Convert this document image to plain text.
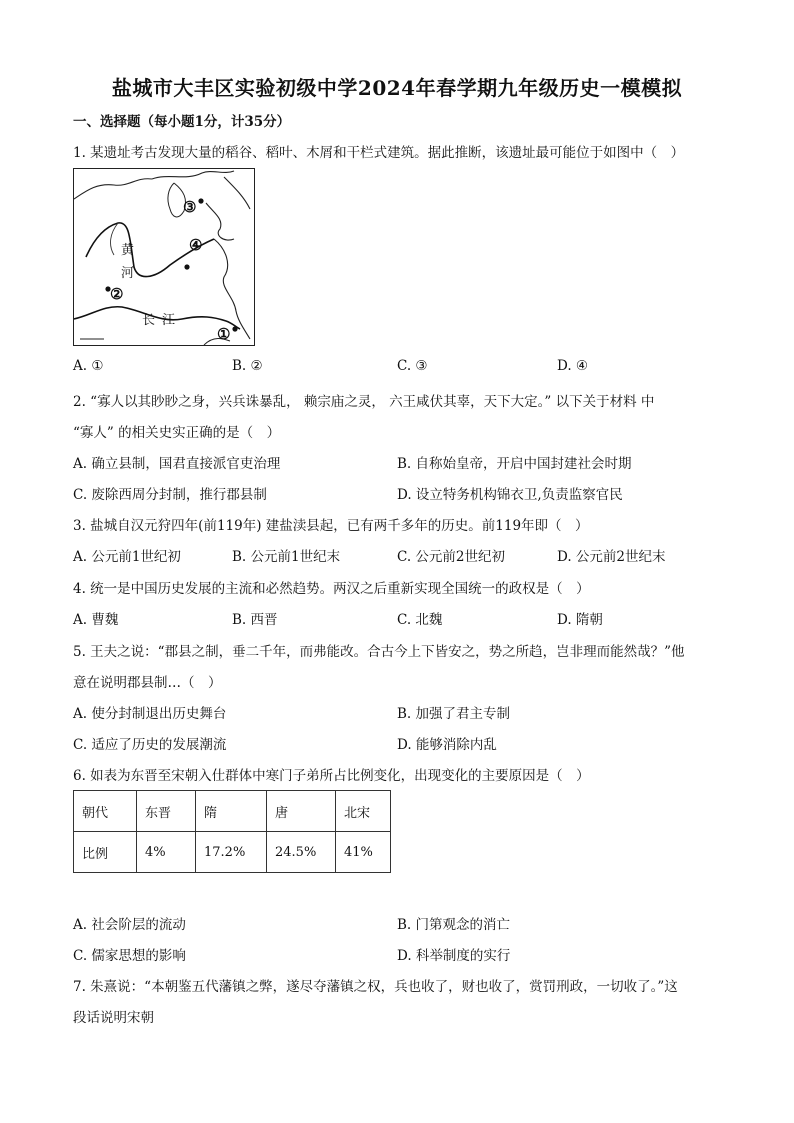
盐城市大丰区实验初级中学2024年春学期九年级历史一模模拟
一、选择题（每小题1分，计35分）
1. 某遗址考古发现大量的稻谷、稻叶、木屑和干栏式建筑。据此推断，该遗址最可能位于如图中（　）
黄
河
长 江
③
④
②
①
A. ①	B. ②	C. ③	D. ④
2. “寡人以其眇眇之身，兴兵诛暴乱， 赖宗庙之灵， 六王咸伏其辜，天下大定。” 以下关于材料 中
“寡人” 的相关史实正确的是（　）
A. 确立县制，国君直接派官吏治理	B. 自称始皇帝，开启中国封建社会时期
C. 废除西周分封制，推行郡县制	D. 设立特务机构锦衣卫,负责监察官民
3. 盐城自汉元狩四年(前119年) 建盐渎县起，已有两千多年的历史。前119年即（　）
A. 公元前1世纪初	B. 公元前1世纪末	C. 公元前2世纪初	D. 公元前2世纪末
4. 统一是中国历史发展的主流和必然趋势。两汉之后重新实现全国统一的政权是（　）
A. 曹魏	B. 西晋	C. 北魏	D. 隋朝
5. 王夫之说：“郡县之制，垂二千年，而弗能改。合古今上下皆安之，势之所趋，岂非理而能然哉？”他
意在说明郡县制…（　）
A. 使分封制退出历史舞台	B. 加强了君主专制
C. 适应了历史的发展潮流	D. 能够消除内乱
6. 如表为东晋至宋朝入仕群体中寒门子弟所占比例变化，出现变化的主要原因是（　）
朝代	东晋	隋	唐	北宋
比例	4%	17.2%	24.5%	41%
A. 社会阶层的流动	B. 门第观念的消亡
C. 儒家思想的影响	D. 科举制度的实行
7. 朱熹说：“本朝鉴五代藩镇之弊，遂尽夺藩镇之权，兵也收了，财也收了，赏罚刑政，一切收了。”这
段话说明宋朝
